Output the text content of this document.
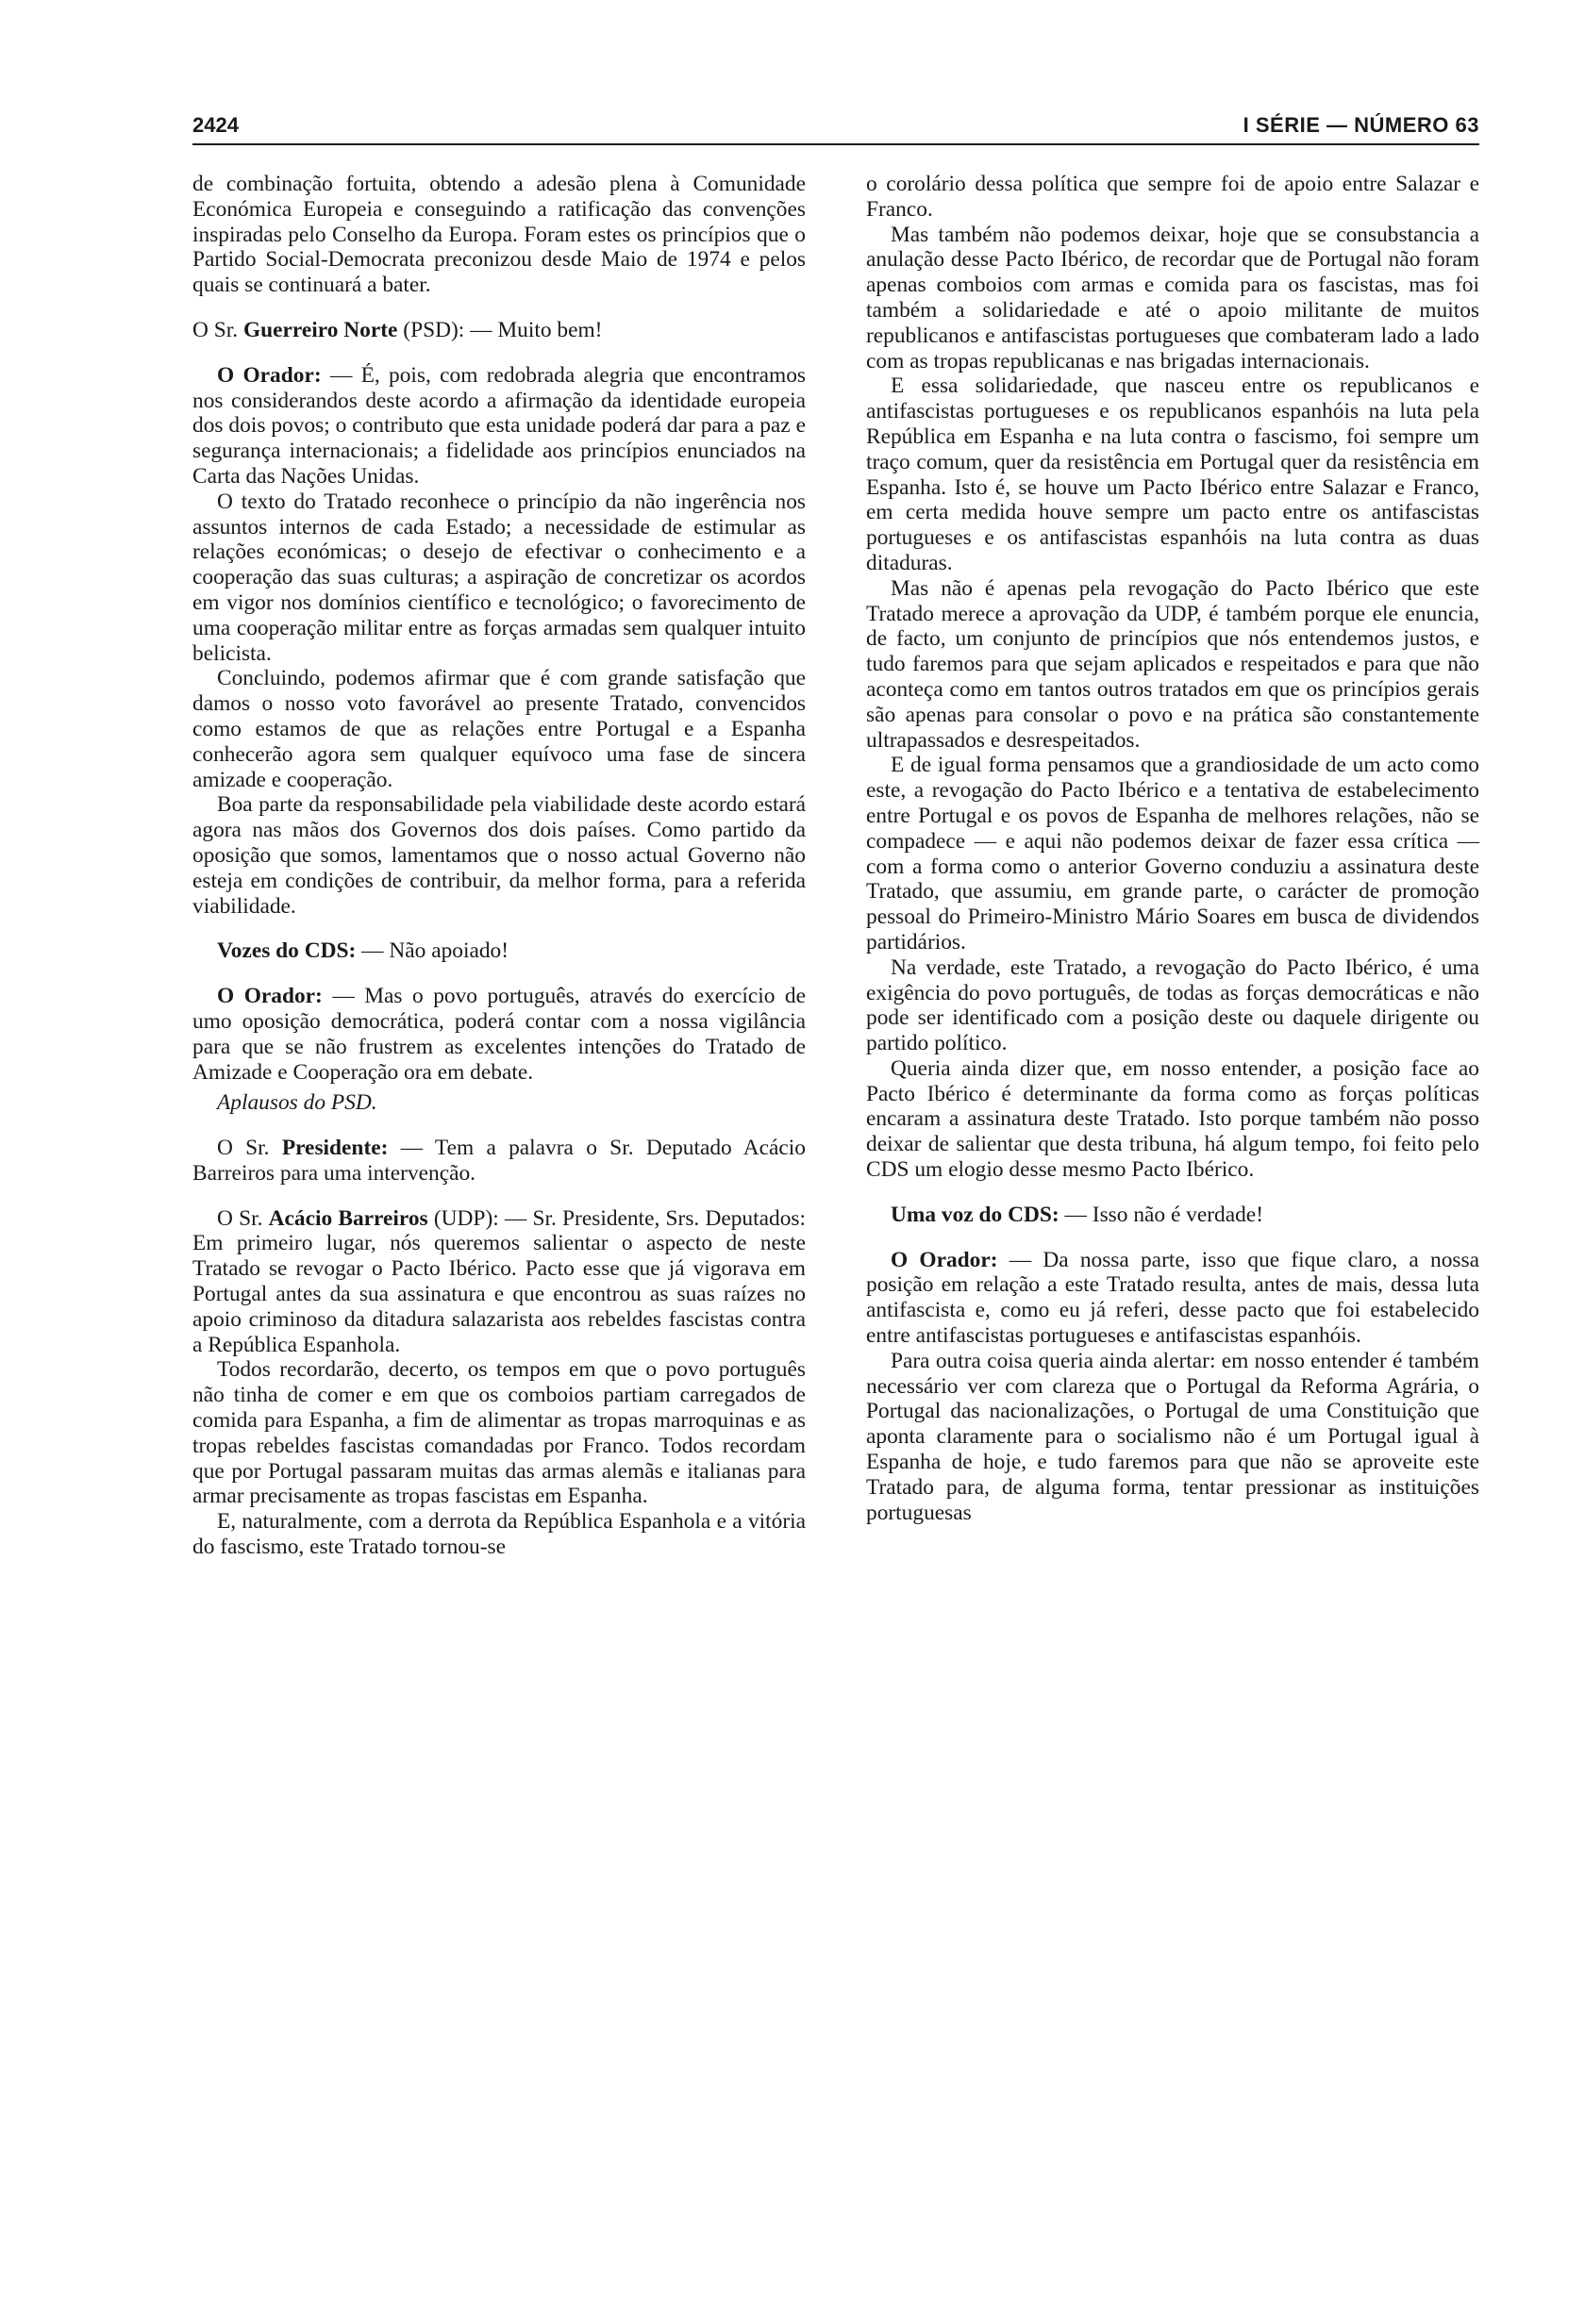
2424	I SÉRIE — NÚMERO 63

de combinação fortuita, obtendo a adesão plena à Comunidade Económica Europeia e conseguindo a ratificação das convenções inspiradas pelo Conselho da Europa. Foram estes os princípios que o Partido Social-Democrata preconizou desde Maio de 1974 e pelos quais se continuará a bater.

O Sr. Guerreiro Norte (PSD): — Muito bem!

O Orador: — É, pois, com redobrada alegria que encontramos nos considerandos deste acordo a afirmação da identidade europeia dos dois povos; o contributo que esta unidade poderá dar para a paz e segurança internacionais; a fidelidade aos princípios enunciados na Carta das Nações Unidas.

O texto do Tratado reconhece o princípio da não ingerência nos assuntos internos de cada Estado; a necessidade de estimular as relações económicas; o desejo de efectivar o conhecimento e a cooperação das suas culturas; a aspiração de concretizar os acordos em vigor nos domínios científico e tecnológico; o favorecimento de uma cooperação militar entre as forças armadas sem qualquer intuito belicista.

Concluindo, podemos afirmar que é com grande satisfação que damos o nosso voto favorável ao presente Tratado, convencidos como estamos de que as relações entre Portugal e a Espanha conhecerão agora sem qualquer equívoco uma fase de sincera amizade e cooperação.

Boa parte da responsabilidade pela viabilidade deste acordo estará agora nas mãos dos Governos dos dois países. Como partido da oposição que somos, lamentamos que o nosso actual Governo não esteja em condições de contribuir, da melhor forma, para a referida viabilidade.

Vozes do CDS: — Não apoiado!

O Orador: — Mas o povo português, através do exercício de umo oposição democrática, poderá contar com a nossa vigilância para que se não frustrem as excelentes intenções do Tratado de Amizade e Cooperação ora em debate.

Aplausos do PSD.

O Sr. Presidente: — Tem a palavra o Sr. Deputado Acácio Barreiros para uma intervenção.

O Sr. Acácio Barreiros (UDP): — Sr. Presidente, Srs. Deputados: Em primeiro lugar, nós queremos salientar o aspecto de neste Tratado se revogar o Pacto Ibérico. Pacto esse que já vigorava em Portugal antes da sua assinatura e que encontrou as suas raízes no apoio criminoso da ditadura salazarista aos rebeldes fascistas contra a República Espanhola.

Todos recordarão, decerto, os tempos em que o povo português não tinha de comer e em que os comboios partiam carregados de comida para Espanha, a fim de alimentar as tropas marroquinas e as tropas rebeldes fascistas comandadas por Franco. Todos recordam que por Portugal passaram muitas das armas alemãs e italianas para armar precisamente as tropas fascistas em Espanha.

E, naturalmente, com a derrota da República Espanhola e a vitória do fascismo, este Tratado tornou-se

o corolário dessa política que sempre foi de apoio entre Salazar e Franco.

Mas também não podemos deixar, hoje que se consubstancia a anulação desse Pacto Ibérico, de recordar que de Portugal não foram apenas comboios com armas e comida para os fascistas, mas foi também a solidariedade e até o apoio militante de muitos republicanos e antifascistas portugueses que combateram lado a lado com as tropas republicanas e nas brigadas internacionais.

E essa solidariedade, que nasceu entre os republicanos e antifascistas portugueses e os republicanos espanhóis na luta pela República em Espanha e na luta contra o fascismo, foi sempre um traço comum, quer da resistência em Portugal quer da resistência em Espanha. Isto é, se houve um Pacto Ibérico entre Salazar e Franco, em certa medida houve sempre um pacto entre os antifascistas portugueses e os antifascistas espanhóis na luta contra as duas ditaduras.

Mas não é apenas pela revogação do Pacto Ibérico que este Tratado merece a aprovação da UDP, é também porque ele enuncia, de facto, um conjunto de princípios que nós entendemos justos, e tudo faremos para que sejam aplicados e respeitados e para que não aconteça como em tantos outros tratados em que os princípios gerais são apenas para consolar o povo e na prática são constantemente ultrapassados e desrespeitados.

E de igual forma pensamos que a grandiosidade de um acto como este, a revogação do Pacto Ibérico e a tentativa de estabelecimento entre Portugal e os povos de Espanha de melhores relações, não se compadece — e aqui não podemos deixar de fazer essa crítica — com a forma como o anterior Governo conduziu a assinatura deste Tratado, que assumiu, em grande parte, o carácter de promoção pessoal do Primeiro-Ministro Mário Soares em busca de dividendos partidários.

Na verdade, este Tratado, a revogação do Pacto Ibérico, é uma exigência do povo português, de todas as forças democráticas e não pode ser identificado com a posição deste ou daquele dirigente ou partido político.

Queria ainda dizer que, em nosso entender, a posição face ao Pacto Ibérico é determinante da forma como as forças políticas encaram a assinatura deste Tratado. Isto porque também não posso deixar de salientar que desta tribuna, há algum tempo, foi feito pelo CDS um elogio desse mesmo Pacto Ibérico.

Uma voz do CDS: — Isso não é verdade!

O Orador: — Da nossa parte, isso que fique claro, a nossa posição em relação a este Tratado resulta, antes de mais, dessa luta antifascista e, como eu já referi, desse pacto que foi estabelecido entre antifascistas portugueses e antifascistas espanhóis.

Para outra coisa queria ainda alertar: em nosso entender é também necessário ver com clareza que o Portugal da Reforma Agrária, o Portugal das nacionalizações, o Portugal de uma Constituição que aponta claramente para o socialismo não é um Portugal igual à Espanha de hoje, e tudo faremos para que não se aproveite este Tratado para, de alguma forma, tentar pressionar as instituições portuguesas
